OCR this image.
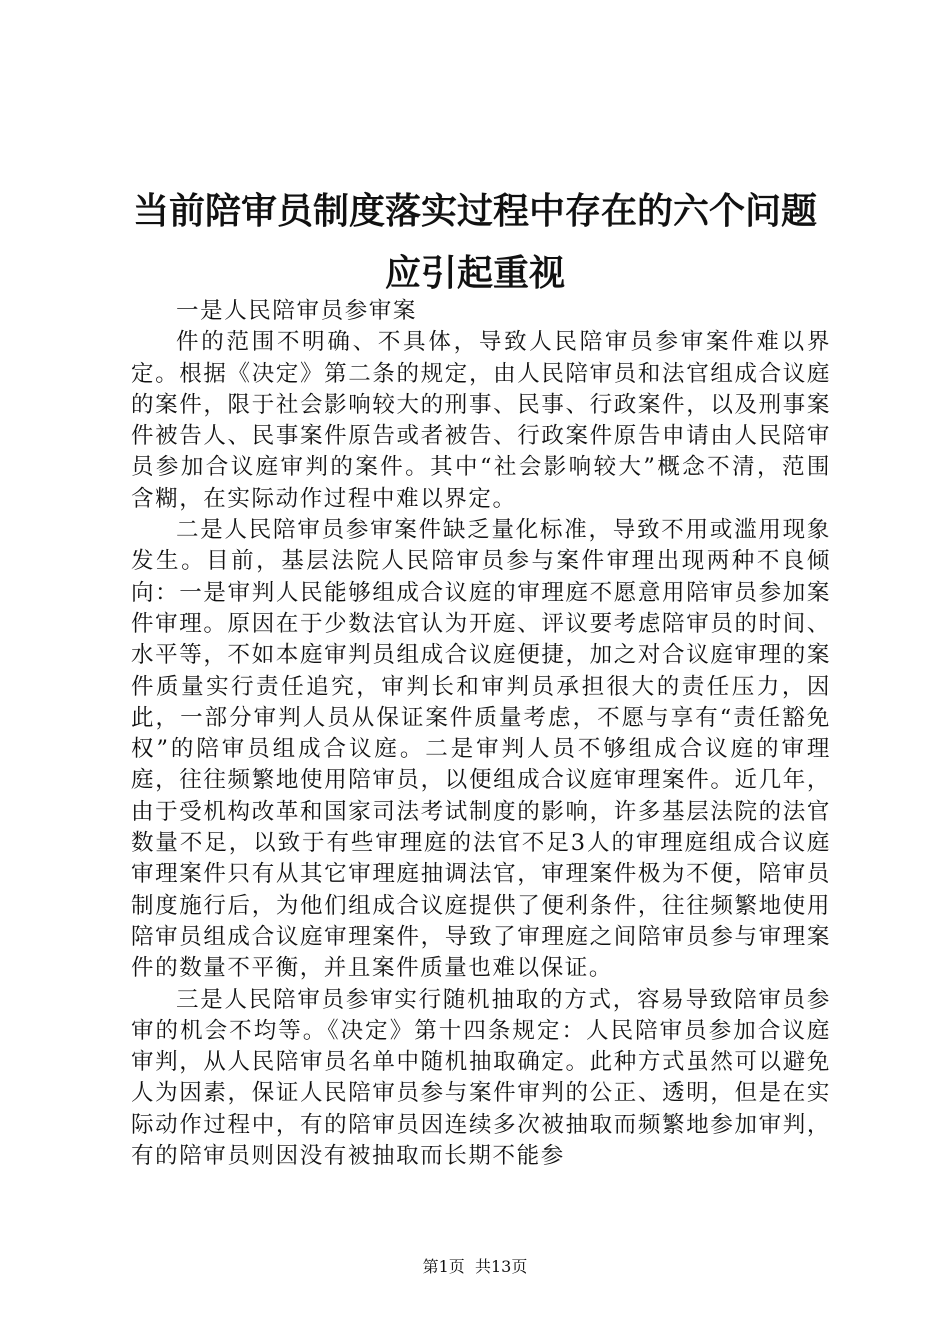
当前陪审员制度落实过程中存在的六个问题应引起重视

一是人民陪审员参审案

件的范围不明确、不具体，导致人民陪审员参审案件难以界定。根据《决定》第二条的规定，由人民陪审员和法官组成合议庭的案件，限于社会影响较大的刑事、民事、行政案件，以及刑事案件被告人、民事案件原告或者被告、行政案件原告申请由人民陪审员参加合议庭审判的案件。其中“社会影响较大”概念不清，范围含糊，在实际动作过程中难以界定。

二是人民陪审员参审案件缺乏量化标准，导致不用或滥用现象发生。目前，基层法院人民陪审员参与案件审理出现两种不良倾向：一是审判人民能够组成合议庭的审理庭不愿意用陪审员参加案件审理。原因在于少数法官认为开庭、评议要考虑陪审员的时间、水平等，不如本庭审判员组成合议庭便捷，加之对合议庭审理的案件质量实行责任追究，审判长和审判员承担很大的责任压力，因此，一部分审判人员从保证案件质量考虑，不愿与享有“责任豁免权”的陪审员组成合议庭。二是审判人员不够组成合议庭的审理庭，往往频繁地使用陪审员，以便组成合议庭审理案件。近几年，由于受机构改革和国家司法考试制度的影响，许多基层法院的法官数量不足，以致于有些审理庭的法官不足3人的审理庭组成合议庭审理案件只有从其它审理庭抽调法官，审理案件极为不便，陪审员制度施行后，为他们组成合议庭提供了便利条件，往往频繁地使用陪审员组成合议庭审理案件，导致了审理庭之间陪审员参与审理案件的数量不平衡，并且案件质量也难以保证。

三是人民陪审员参审实行随机抽取的方式，容易导致陪审员参审的机会不均等。《决定》第十四条规定：人民陪审员参加合议庭审判，从人民陪审员名单中随机抽取确定。此种方式虽然可以避免人为因素，保证人民陪审员参与案件审判的公正、透明，但是在实际动作过程中，有的陪审员因连续多次被抽取而频繁地参加审判，有的陪审员则因没有被抽取而长期不能参

第1页 共13页
